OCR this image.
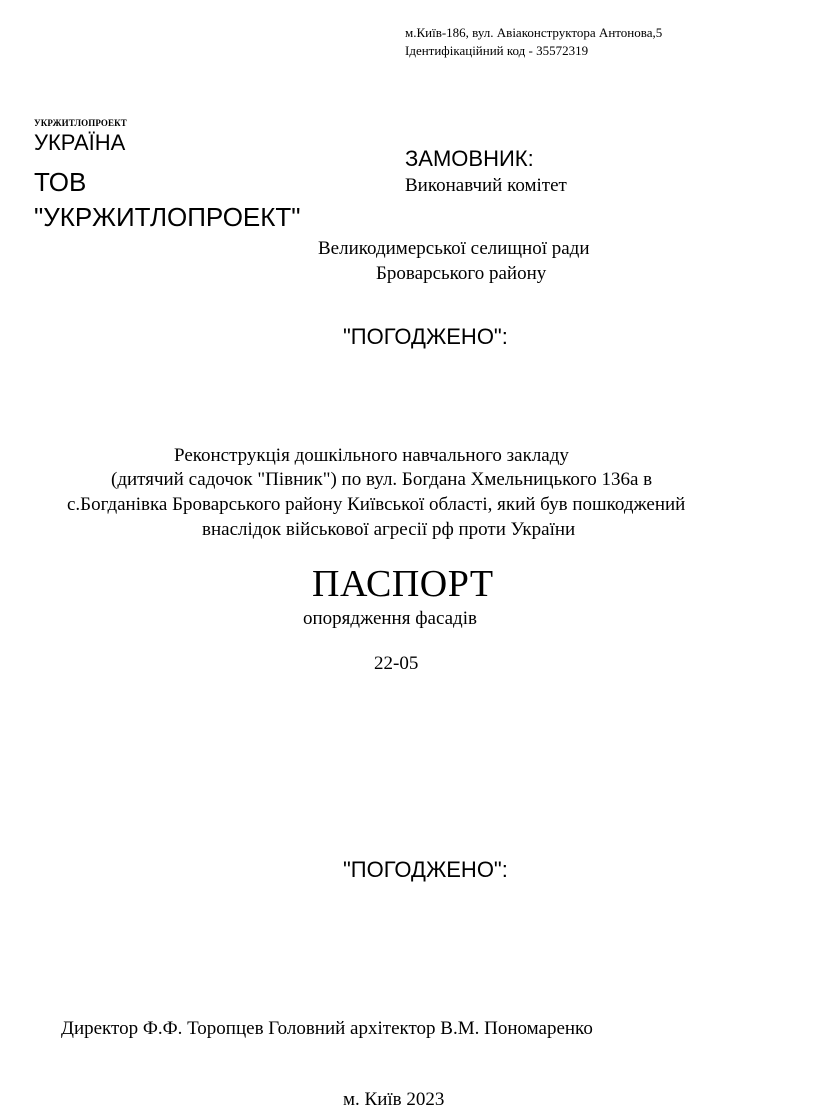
м.Київ-186, вул. Авіаконструктора Антонова,5
Ідентифікаційний код - 35572319
УКРЖИТЛОПРОЕКТ
УКРАЇНА
ТОВ
"УКРЖИТЛОПРОЕКТ"
ЗАМОВНИК:
Виконавчий комітет
Великодимерської селищної ради
Броварського району
"ПОГОДЖЕНО":
Реконструкція дошкільного навчального закладу
(дитячий садочок "Півник") по вул. Богдана Хмельницького 136а в
с.Богданівка Броварського району Київської області, який був пошкоджений
внаслідок військової агресії рф проти України
ПАСПОРТ
опорядження фасадів
22-05
"ПОГОДЖЕНО":
Директор Ф.Ф. Торопцев Головний архітектор В.М. Пономаренко
м. Київ 2023
